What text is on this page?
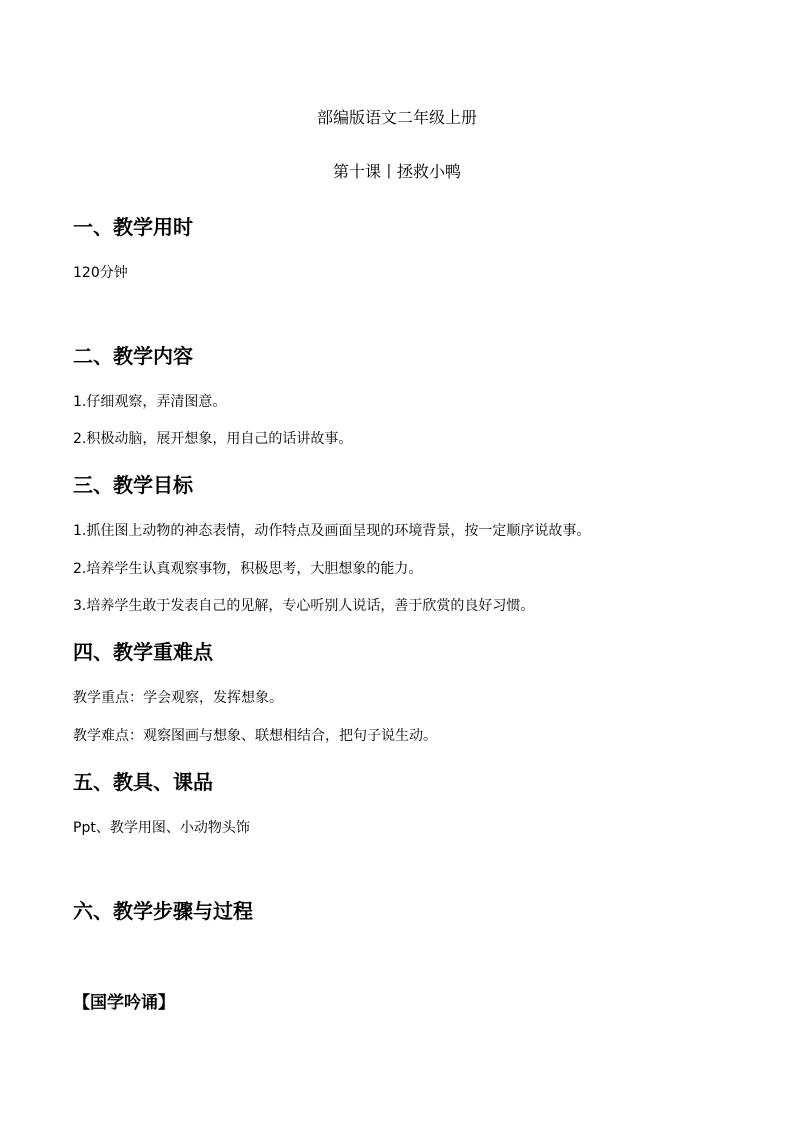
部编版语文二年级上册
第十课丨拯救小鸭
一、教学用时
120分钟
二、教学内容
1.仔细观察，弄清图意。
2.积极动脑，展开想象，用自己的话讲故事。
三、教学目标
1.抓住图上动物的神态表情，动作特点及画面呈现的环境背景，按一定顺序说故事。
2.培养学生认真观察事物，积极思考，大胆想象的能力。
3.培养学生敢于发表自己的见解，专心听别人说话，善于欣赏的良好习惯。
四、教学重难点
教学重点：学会观察，发挥想象。
教学难点：观察图画与想象、联想相结合，把句子说生动。
五、教具、课品
Ppt、教学用图、小动物头饰
六、教学步骤与过程
【国学吟诵】
